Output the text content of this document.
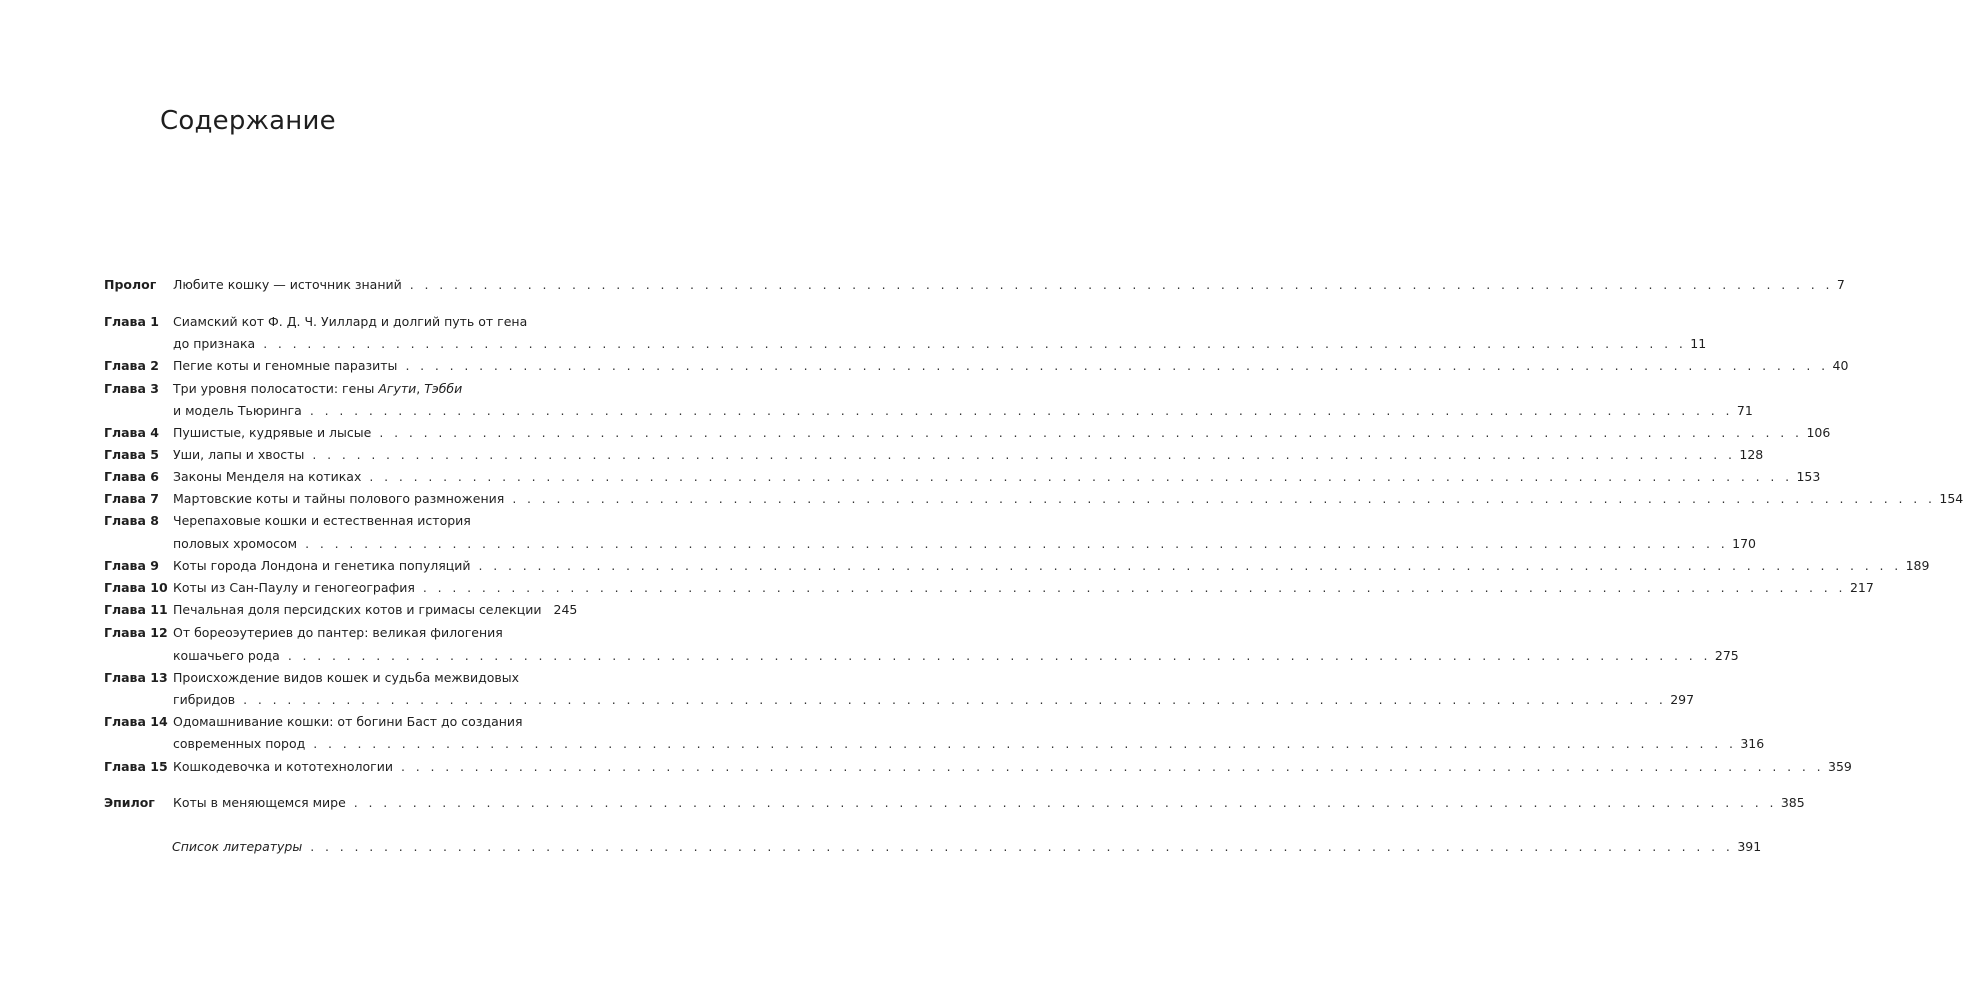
Содержание
Пролог Любите кошку — источник знаний . . .	7
Глава 1 Сиамский кот Ф. Д. Ч. Уиллард и долгий путь от гена
до признака . . .	11
Глава 2 Пегие коты и геномные паразиты . . .	40
Глава 3 Три уровня полосатости: гены Агути, Тэбби
и модель Тьюринга . . .	71
Глава 4 Пушистые, кудрявые и лысые . . .	106
Глава 5 Уши, лапы и хвосты . . .	128
Глава 6 Законы Менделя на котиках . . .	153
Глава 7 Мартовские коты и тайны полового размножения . . .	154
Глава 8 Черепаховые кошки и естественная история
половых хромосом . . .	170
Глава 9 Коты города Лондона и генетика популяций . . .	189
Глава 10 Коты из Сан-Паулу и геногеография . . .	217
Глава 11 Печальная доля персидских котов и гримасы селекции 245
Глава 12 От бореоэутериев до пантер: великая филогения
кошачьего рода . . .	275
Глава 13 Происхождение видов кошек и судьба межвидовых
гибридов . . .	297
Глава 14 Одомашнивание кошки: от богини Баст до создания
современных пород . . .	316
Глава 15 Кошкодевочка и кототехнологии . . .	359
Эпилог Коты в меняющемся мире . . .	385
Список литературы . . .	391
